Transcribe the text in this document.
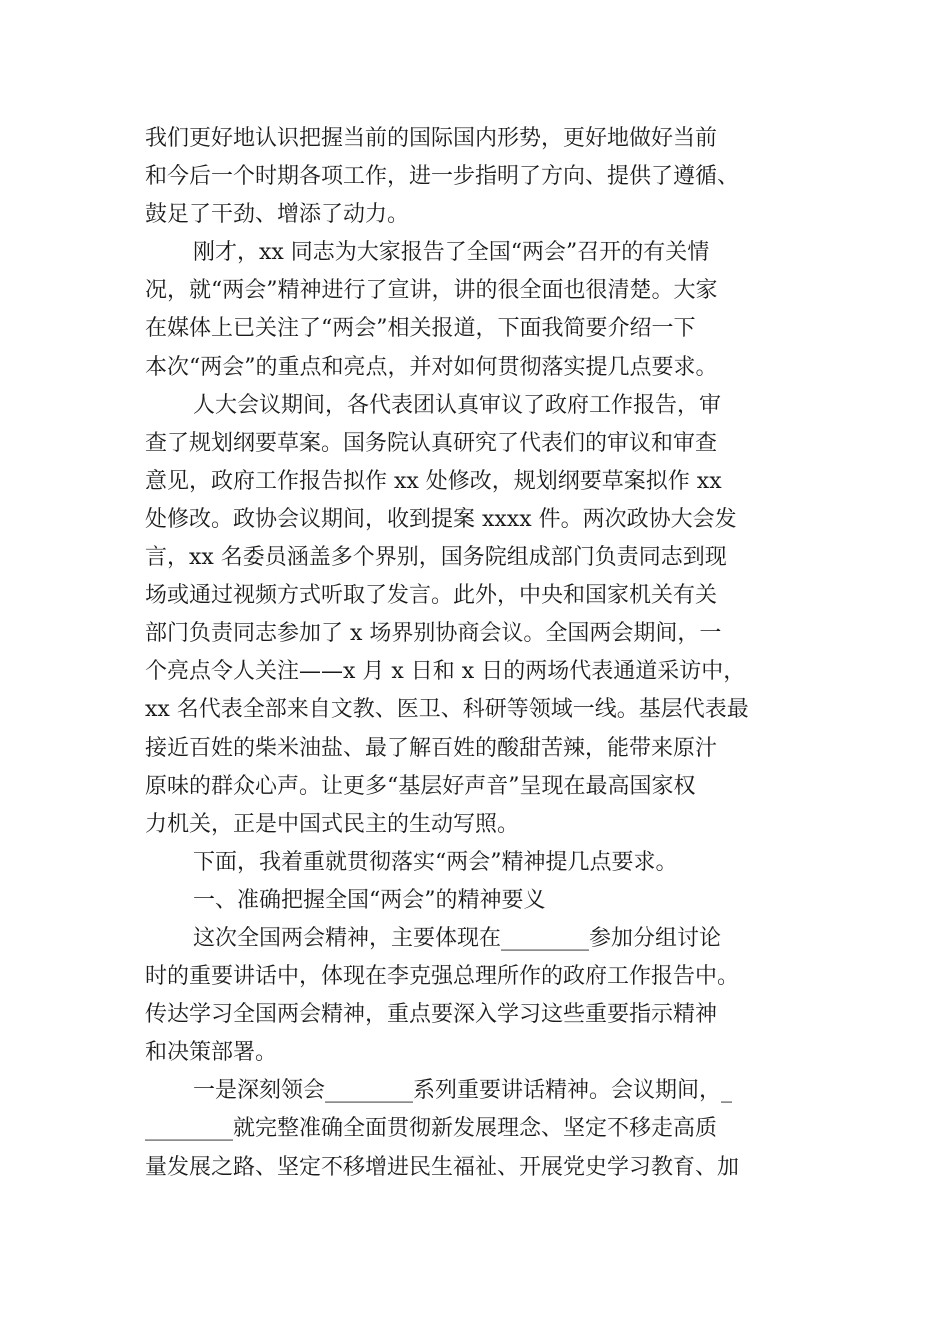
我们更好地认识把握当前的国际国内形势，更好地做好当前
和今后一个时期各项工作，进一步指明了方向、提供了遵循、
鼓足了干劲、增添了动力。
刚才，xx 同志为大家报告了全国“两会”召开的有关情
况，就“两会”精神进行了宣讲，讲的很全面也很清楚。大家
在媒体上已关注了“两会”相关报道，下面我简要介绍一下
本次“两会”的重点和亮点，并对如何贯彻落实提几点要求。
人大会议期间，各代表团认真审议了政府工作报告，审
查了规划纲要草案。国务院认真研究了代表们的审议和审查
意见，政府工作报告拟作 xx 处修改，规划纲要草案拟作 xx
处修改。政协会议期间，收到提案 xxxx 件。两次政协大会发
言，xx 名委员涵盖多个界别，国务院组成部门负责同志到现
场或通过视频方式听取了发言。此外，中央和国家机关有关
部门负责同志参加了 x 场界别协商会议。全国两会期间，一
个亮点令人关注——x 月 x 日和 x 日的两场代表通道采访中，
xx 名代表全部来自文教、医卫、科研等领域一线。基层代表最
接近百姓的柴米油盐、最了解百姓的酸甜苦辣，能带来原汁
原味的群众心声。让更多“基层好声音”呈现在最高国家权
力机关，正是中国式民主的生动写照。
下面，我着重就贯彻落实“两会”精神提几点要求。
一、准确把握全国“两会”的精神要义
这次全国两会精神，主要体现在________参加分组讨论
时的重要讲话中，体现在李克强总理所作的政府工作报告中。
传达学习全国两会精神，重点要深入学习这些重要指示精神
和决策部署。
一是深刻领会________系列重要讲话精神。会议期间，_
________就完整准确全面贯彻新发展理念、坚定不移走高质
量发展之路、坚定不移增进民生福祉、开展党史学习教育、加
